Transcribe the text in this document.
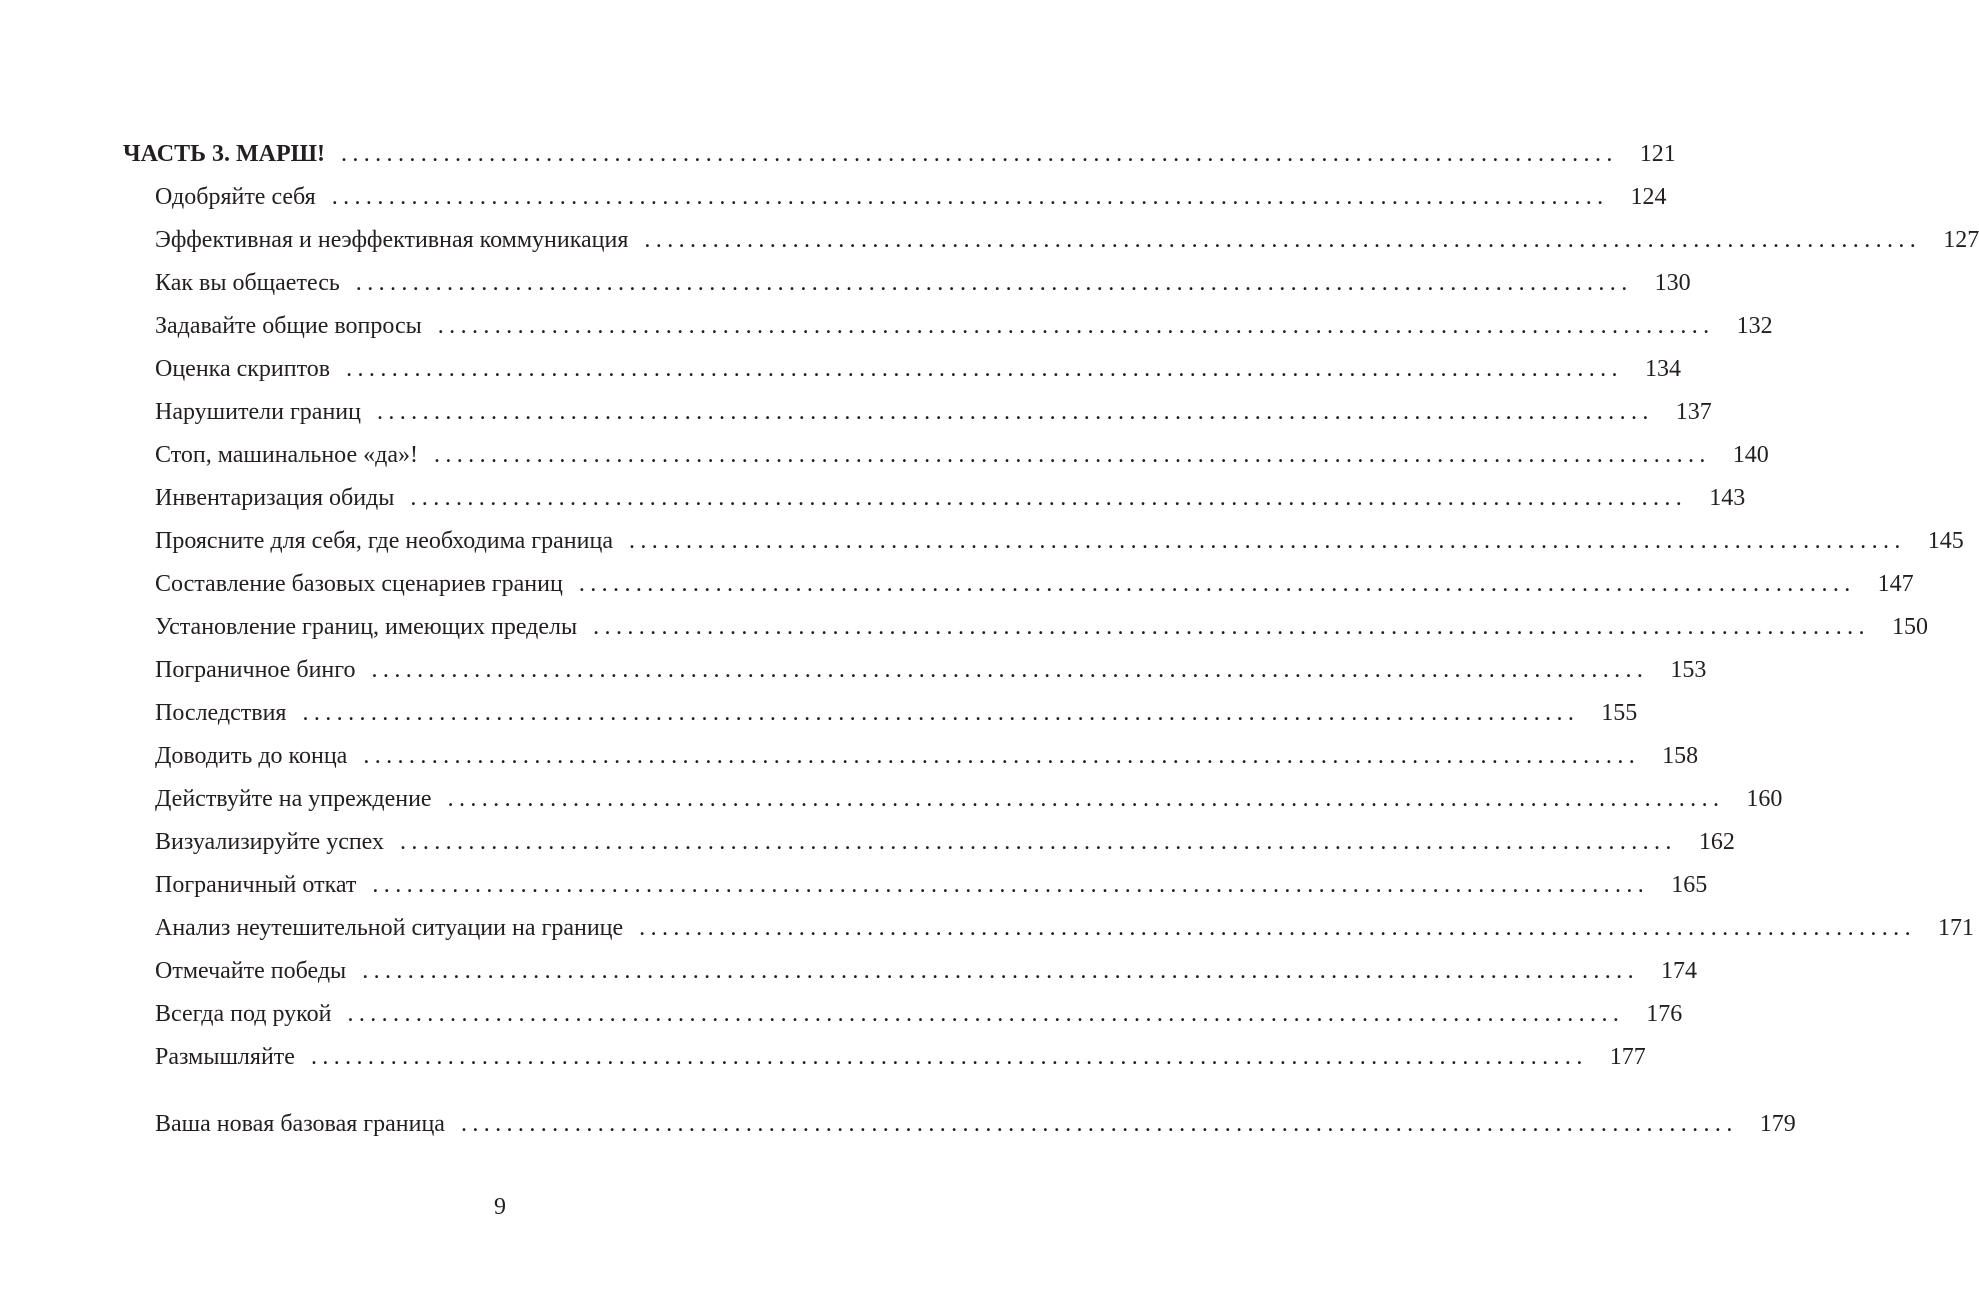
ЧАСТЬ 3. МАРШ! ................................................................................................................ 121
Одобряйте себя ................................................................................................................ 124
Эффективная и неэффективная коммуникация ................................................................................................................ 127
Как вы общаетесь ................................................................................................................ 130
Задавайте общие вопросы ................................................................................................................ 132
Оценка скриптов ................................................................................................................ 134
Нарушители границ ................................................................................................................ 137
Стоп, машинальное «да»! ................................................................................................................ 140
Инвентаризация обиды ................................................................................................................ 143
Проясните для себя, где необходима граница ................................................................................................................ 145
Составление базовых сценариев границ ................................................................................................................ 147
Установление границ, имеющих пределы ................................................................................................................ 150
Пограничное бинго ................................................................................................................ 153
Последствия ................................................................................................................ 155
Доводить до конца ................................................................................................................ 158
Действуйте на упреждение ................................................................................................................ 160
Визуализируйте успех ................................................................................................................ 162
Пограничный откат ................................................................................................................ 165
Анализ неутешительной ситуации на границе ................................................................................................................ 171
Отмечайте победы ................................................................................................................ 174
Всегда под рукой ................................................................................................................ 176
Размышляйте ................................................................................................................ 177
Ваша новая базовая граница ................................................................................................................ 179
9
